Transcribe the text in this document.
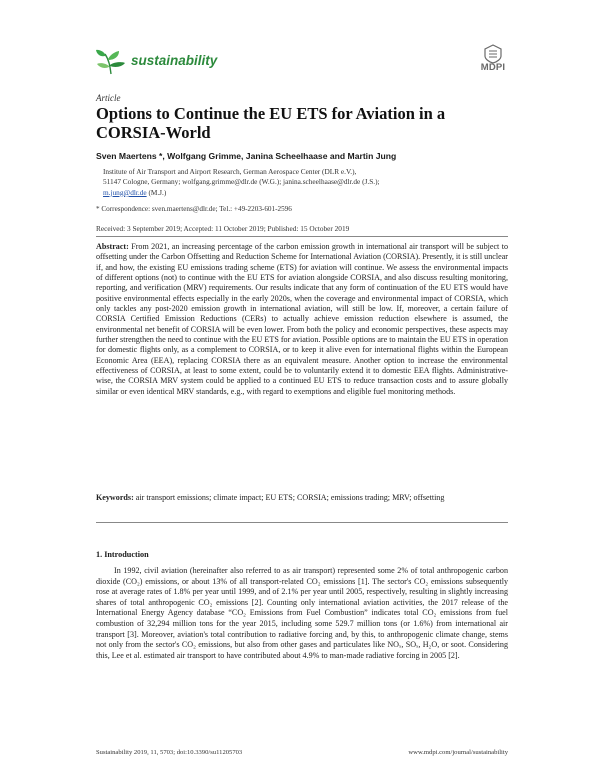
sustainability	MDPI
Article
Options to Continue the EU ETS for Aviation in a CORSIA-World
Sven Maertens *, Wolfgang Grimme, Janina Scheelhaase and Martin Jung
Institute of Air Transport and Airport Research, German Aerospace Center (DLR e.V.),
51147 Cologne, Germany; wolfgang.grimme@dlr.de (W.G.); janina.scheelhaase@dlr.de (J.S.);
m.jung@dlr.de (M.J.)
* Correspondence: sven.maertens@dlr.de; Tel.: +49-2203-601-2596
Received: 3 September 2019; Accepted: 11 October 2019; Published: 15 October 2019
Abstract: From 2021, an increasing percentage of the carbon emission growth in international air transport will be subject to offsetting under the Carbon Offsetting and Reduction Scheme for International Aviation (CORSIA). Presently, it is still unclear if, and how, the existing EU emissions trading scheme (ETS) for aviation will continue. We assess the environmental impacts of different options (not) to continue with the EU ETS for aviation alongside CORSIA, and also discuss resulting monitoring, reporting, and verification (MRV) requirements. Our results indicate that any form of continuation of the EU ETS would have positive environmental effects especially in the early 2020s, when the coverage and environmental impact of CORSIA, which only tackles any post-2020 emission growth in international aviation, will still be low. If, moreover, a certain failure of CORSIA Certified Emission Reductions (CERs) to actually achieve emission reduction elsewhere is assumed, the environmental net benefit of CORSIA will be even lower. From both the policy and economic perspectives, these aspects may further strengthen the need to continue with the EU ETS for aviation. Possible options are to maintain the EU ETS in operation for domestic flights only, as a complement to CORSIA, or to keep it alive even for international flights within the European Economic Area (EEA), replacing CORSIA there as an equivalent measure. Another option to increase the environmental effectiveness of CORSIA, at least to some extent, could be to voluntarily extend it to domestic EEA flights. Administrative-wise, the CORSIA MRV system could be applied to a continued EU ETS to reduce transaction costs and to assure globally similar or even identical MRV standards, e.g., with regard to exemptions and eligible fuel monitoring methods.
Keywords: air transport emissions; climate impact; EU ETS; CORSIA; emissions trading; MRV; offsetting
1. Introduction
In 1992, civil aviation (hereinafter also referred to as air transport) represented some 2% of total anthropogenic carbon dioxide (CO₂) emissions, or about 13% of all transport-related CO₂ emissions [1]. The sector's CO₂ emissions subsequently rose at average rates of 1.8% per year until 1999, and of 2.1% per year until 2005, respectively, resulting in slightly increasing shares of total anthropogenic CO₂ emissions [2]. Counting only international aviation activities, the 2017 release of the International Energy Agency database “CO₂ Emissions from Fuel Combustion” indicates total CO₂ emissions from fuel combustion of 32,294 million tons for the year 2015, including some 529.7 million tons (or 1.6%) from international air transport [3]. Moreover, aviation's total contribution to radiative forcing and, by this, to anthropogenic climate change, stems not only from the sector's CO₂ emissions, but also from other gases and particulates like NOₓ, SOₓ, H₂O, or soot. Considering this, Lee et al. estimated air transport to have contributed about 4.9% to man-made radiative forcing in 2005 [2].
Sustainability 2019, 11, 5703; doi:10.3390/su11205703	www.mdpi.com/journal/sustainability
